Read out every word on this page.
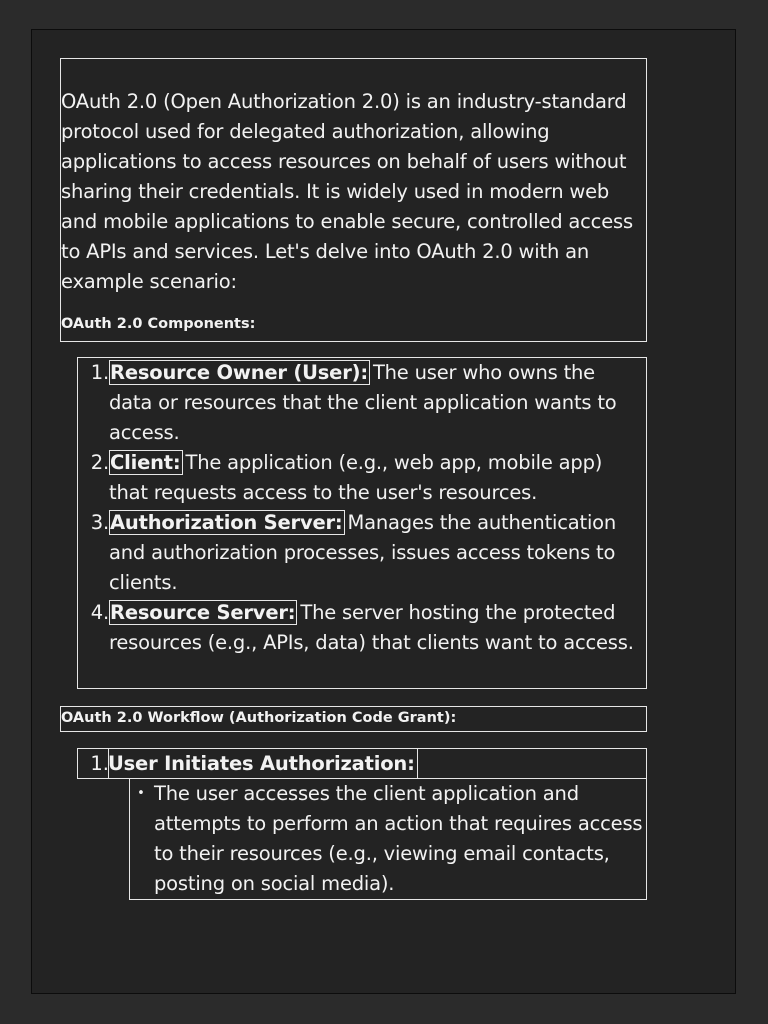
OAuth 2.0 (Open Authorization 2.0) is an industry-standard protocol used for delegated authorization, allowing applications to access resources on behalf of users without sharing their credentials. It is widely used in modern web and mobile applications to enable secure, controlled access to APIs and services. Let's delve into OAuth 2.0 with an example scenario:

OAuth 2.0 Components:
1. Resource Owner (User): The user who owns the data or resources that the client application wants to access.
2. Client: The application (e.g., web app, mobile app) that requests access to the user's resources.
3. Authorization Server: Manages the authentication and authorization processes, issues access tokens to clients.
4. Resource Server: The server hosting the protected resources (e.g., APIs, data) that clients want to access.
OAuth 2.0 Workflow (Authorization Code Grant):
1. User Initiates Authorization:
• The user accesses the client application and attempts to perform an action that requires access to their resources (e.g., viewing email contacts, posting on social media).
